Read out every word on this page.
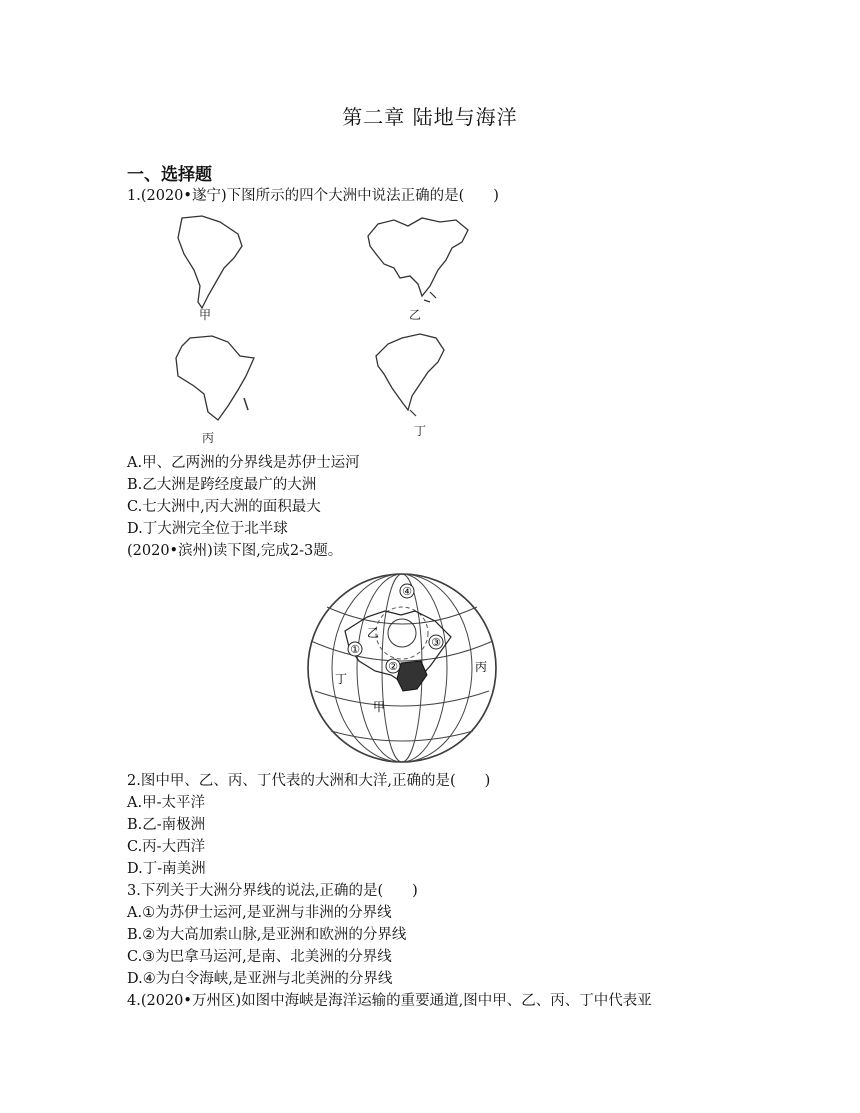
第二章 陆地与海洋
一、选择题
1.(2020•遂宁)下图所示的四个大洲中说法正确的是(　　)
甲	乙
丙	丁
A.甲、乙两洲的分界线是苏伊士运河
B.乙大洲是跨经度最广的大洲
C.七大洲中,丙大洲的面积最大
D.丁大洲完全位于北半球
(2020•滨州)读下图,完成2-3题。
①
②
③
④
甲
乙
丙
丁
2.图中甲、乙、丙、丁代表的大洲和大洋,正确的是(　　)
A.甲-太平洋
B.乙-南极洲
C.丙-大西洋
D.丁-南美洲
3.下列关于大洲分界线的说法,正确的是(　　)
A.①为苏伊士运河,是亚洲与非洲的分界线
B.②为大高加索山脉,是亚洲和欧洲的分界线
C.③为巴拿马运河,是南、北美洲的分界线
D.④为白令海峡,是亚洲与北美洲的分界线
4.(2020•万州区)如图中海峡是海洋运输的重要通道,图中甲、乙、丙、丁中代表亚
